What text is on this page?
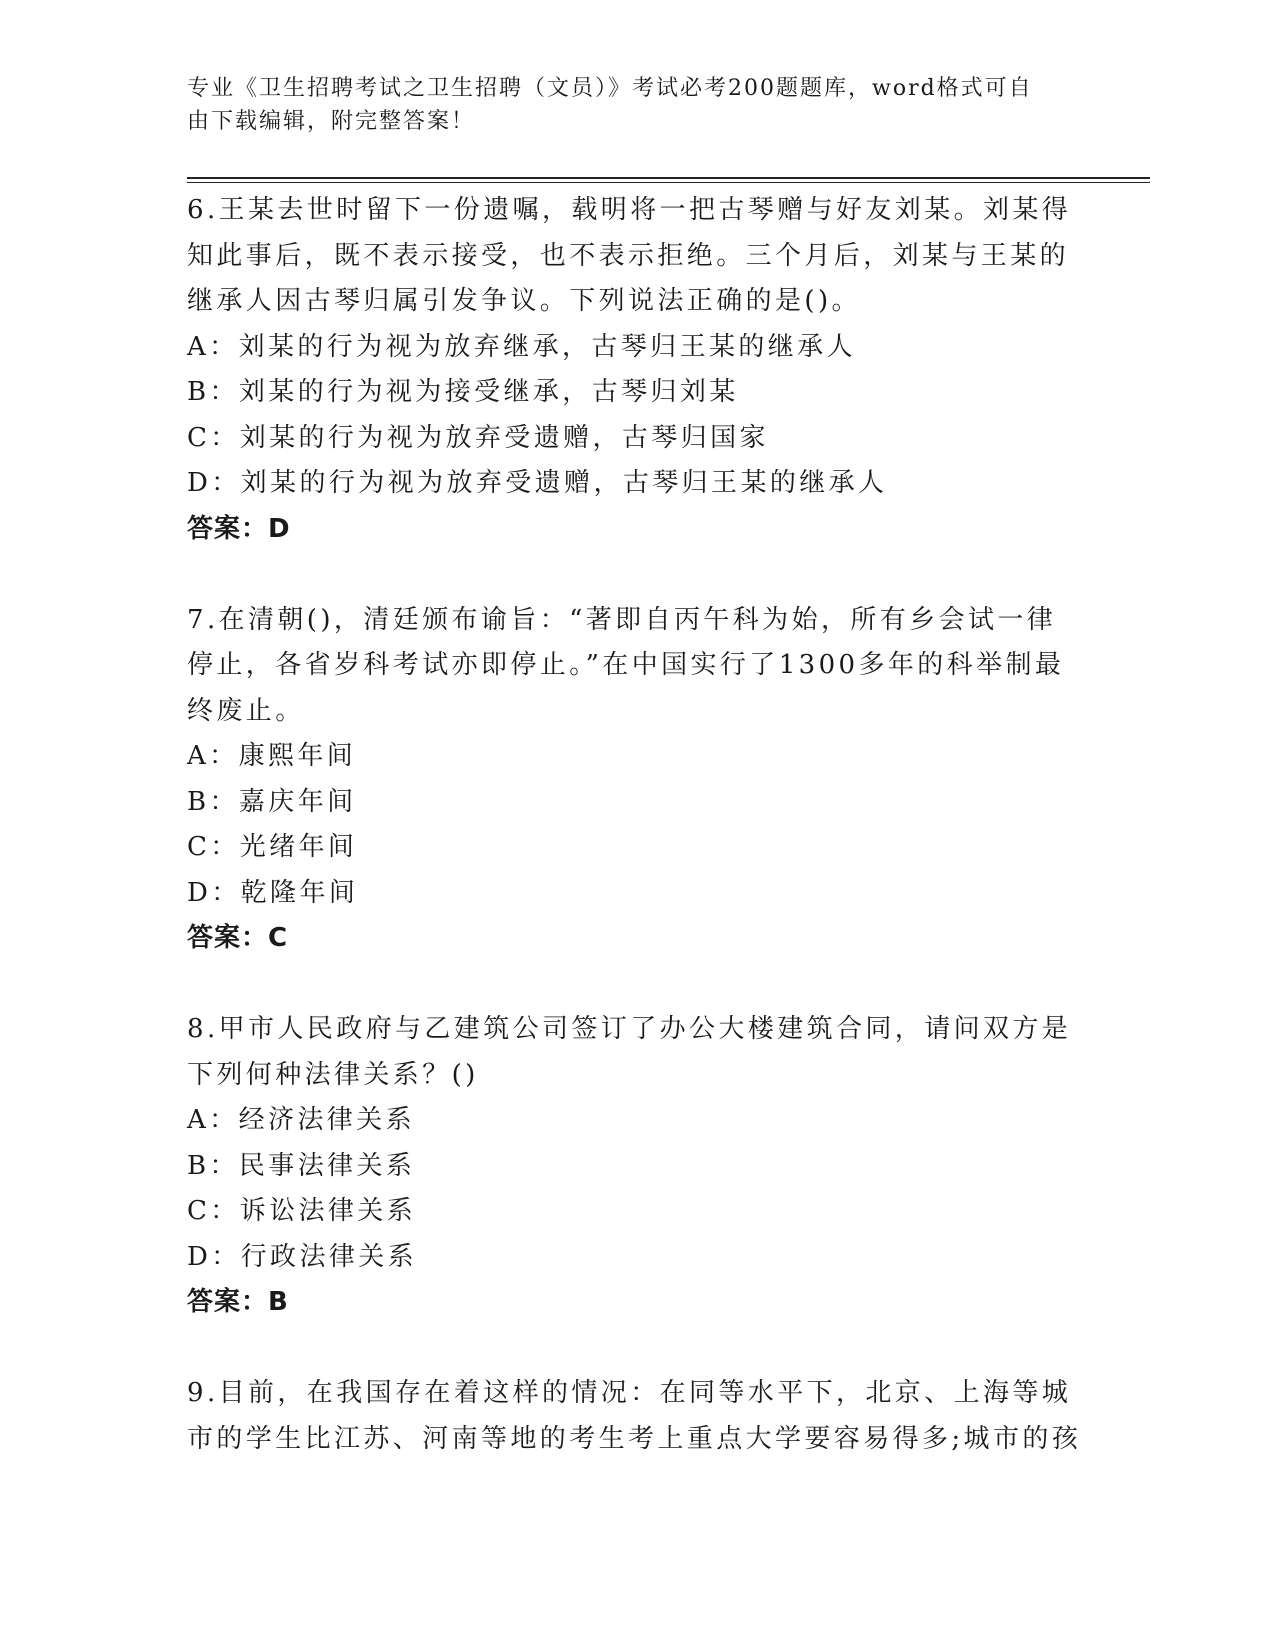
专业《卫生招聘考试之卫生招聘（文员）》考试必考200题题库，word格式可自
由下载编辑，附完整答案！

6.王某去世时留下一份遗嘱，载明将一把古琴赠与好友刘某。刘某得

知此事后，既不表示接受，也不表示拒绝。三个月后，刘某与王某的

继承人因古琴归属引发争议。下列说法正确的是()。

A：刘某的行为视为放弃继承，古琴归王某的继承人

B：刘某的行为视为接受继承，古琴归刘某

C：刘某的行为视为放弃受遗赠，古琴归国家

D：刘某的行为视为放弃受遗赠，古琴归王某的继承人

答案：D

7.在清朝()，清廷颁布谕旨：“著即自丙午科为始，所有乡会试一律

停止，各省岁科考试亦即停止。”在中国实行了1300多年的科举制最

终废止。

A：康熙年间

B：嘉庆年间

C：光绪年间

D：乾隆年间

答案：C

8.甲市人民政府与乙建筑公司签订了办公大楼建筑合同，请问双方是

下列何种法律关系？()

A：经济法律关系

B：民事法律关系

C：诉讼法律关系

D：行政法律关系

答案：B

9.目前，在我国存在着这样的情况：在同等水平下，北京、上海等城

市的学生比江苏、河南等地的考生考上重点大学要容易得多;城市的孩
